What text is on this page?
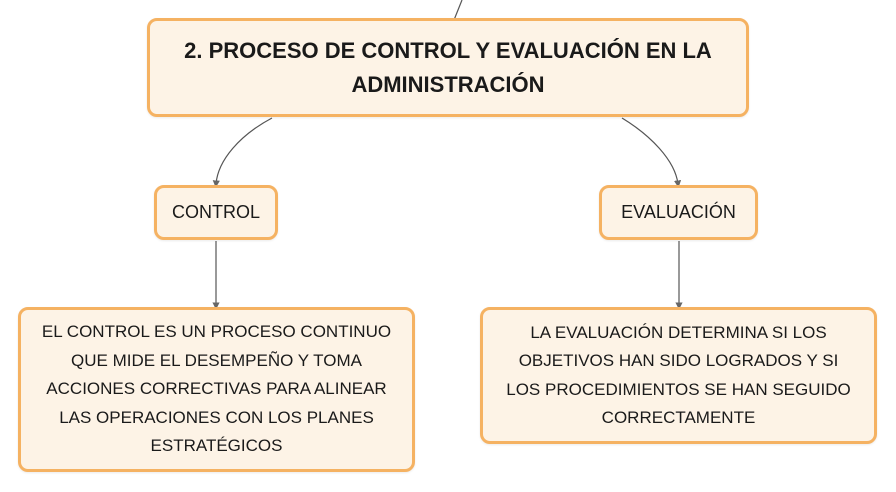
2. PROCESO DE CONTROL Y EVALUACIÓN EN LA ADMINISTRACIÓN
CONTROL	EVALUACIÓN
EL CONTROL ES UN PROCESO CONTINUO QUE MIDE EL DESEMPEÑO Y TOMA ACCIONES CORRECTIVAS PARA ALINEAR LAS OPERACIONES CON LOS PLANES ESTRATÉGICOS
LA EVALUACIÓN DETERMINA SI LOS OBJETIVOS HAN SIDO LOGRADOS Y SI LOS PROCEDIMIENTOS SE HAN SEGUIDO CORRECTAMENTE
